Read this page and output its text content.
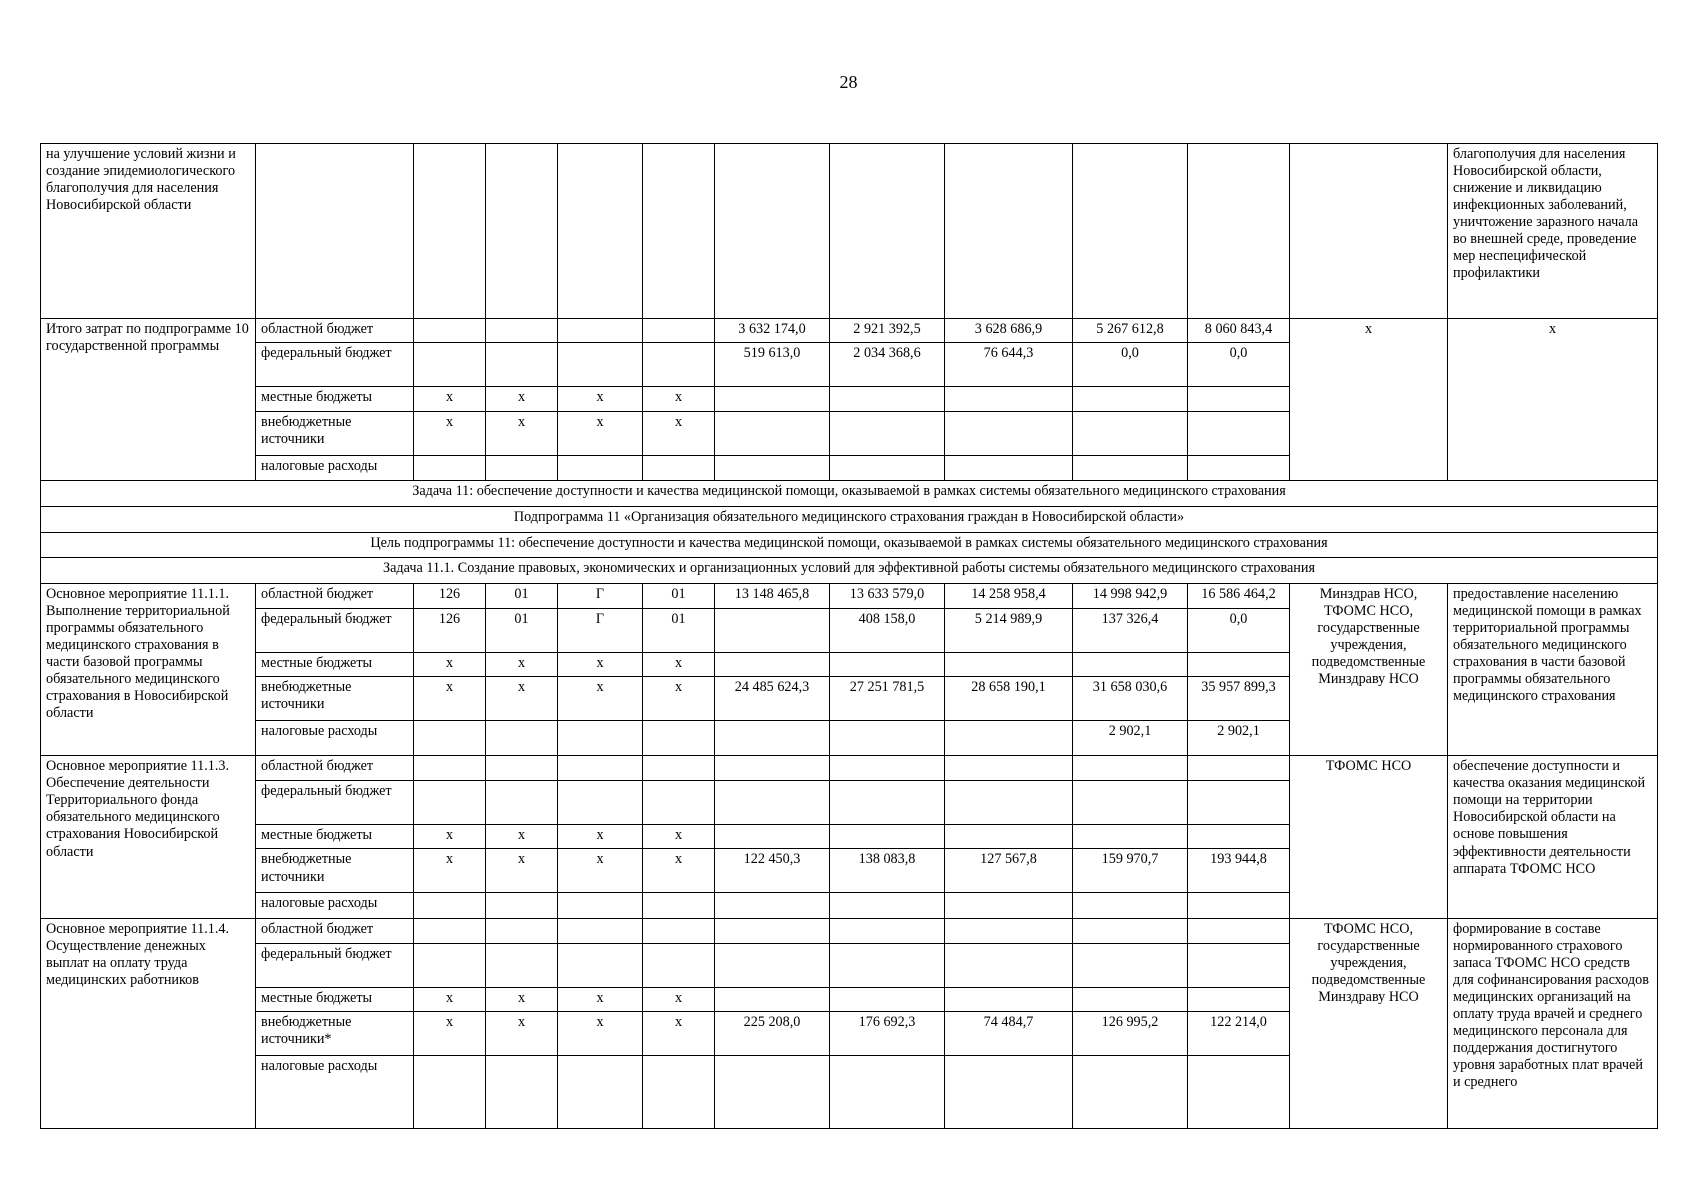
28
на улучшение условий жизни и создание эпидемиологического благополучия для населения Новосибирской области												благополучия для населения Новосибирской области, снижение и ликвидацию инфекционных заболеваний, уничтожение заразного начала во внешней среде, проведение мер неспецифической профилактики
Итого затрат по подпрограмме 10 государственной программы	областной бюджет					3 632 174,0	2 921 392,5	3 628 686,9	5 267 612,8	8 060 843,4	х	х
	федеральный бюджет					519 613,0	2 034 368,6	76 644,3	0,0	0,0		
	местные бюджеты	х	х	х	х							
	внебюджетные источники	х	х	х	х							
	налоговые расходы											
Задача 11: обеспечение доступности и качества медицинской помощи, оказываемой в рамках системы обязательного медицинского страхования												
Подпрограмма 11 «Организация обязательного медицинского страхования граждан в Новосибирской области»												
Цель подпрограммы 11: обеспечение доступности и качества медицинской помощи, оказываемой в рамках системы обязательного медицинского страхования												
Задача 11.1. Создание правовых, экономических и организационных условий для эффективной работы системы обязательного медицинского страхования												
Основное мероприятие 11.1.1. Выполнение территориальной программы обязательного медицинского страхования в части базовой программы обязательного медицинского страхования в Новосибирской области	областной бюджет	126	01	Г	01	13 148 465,8	13 633 579,0	14 258 958,4	14 998 942,9	16 586 464,2	Минздрав НСО, ТФОМС НСО, государственные учреждения, подведомственные Минздраву НСО	предоставление населению медицинской помощи в рамках территориальной программы обязательного медицинского страхования в части базовой программы обязательного медицинского страхования
	федеральный бюджет	126	01	Г	01		408 158,0	5 214 989,9	137 326,4	0,0		
	местные бюджеты	х	х	х	х							
	внебюджетные источники	х	х	х	х	24 485 624,3	27 251 781,5	28 658 190,1	31 658 030,6	35 957 899,3		
	налоговые расходы								2 902,1	2 902,1		
Основное мероприятие 11.1.3. Обеспечение деятельности Территориального фонда обязательного медицинского страхования Новосибирской области	областной бюджет										ТФОМС НСО	обеспечение доступности и качества оказания медицинской помощи на территории Новосибирской области на основе повышения эффективности деятельности аппарата ТФОМС НСО
	федеральный бюджет											
	местные бюджеты	х	х	х	х							
	внебюджетные источники	х	х	х	х	122 450,3	138 083,8	127 567,8	159 970,7	193 944,8		
	налоговые расходы											
Основное мероприятие 11.1.4. Осуществление денежных выплат на оплату труда медицинских работников	областной бюджет										ТФОМС НСО, государственные учреждения, подведомственные Минздраву НСО	формирование в составе нормированного страхового запаса ТФОМС НСО средств для софинансирования расходов медицинских организаций на оплату труда врачей и среднего медицинского персонала для поддержания достигнутого уровня заработных плат врачей и среднего
	федеральный бюджет											
	местные бюджеты	х	х	х	х							
	внебюджетные источники*	х	х	х	х	225 208,0	176 692,3	74 484,7	126 995,2	122 214,0		
	налоговые расходы											
